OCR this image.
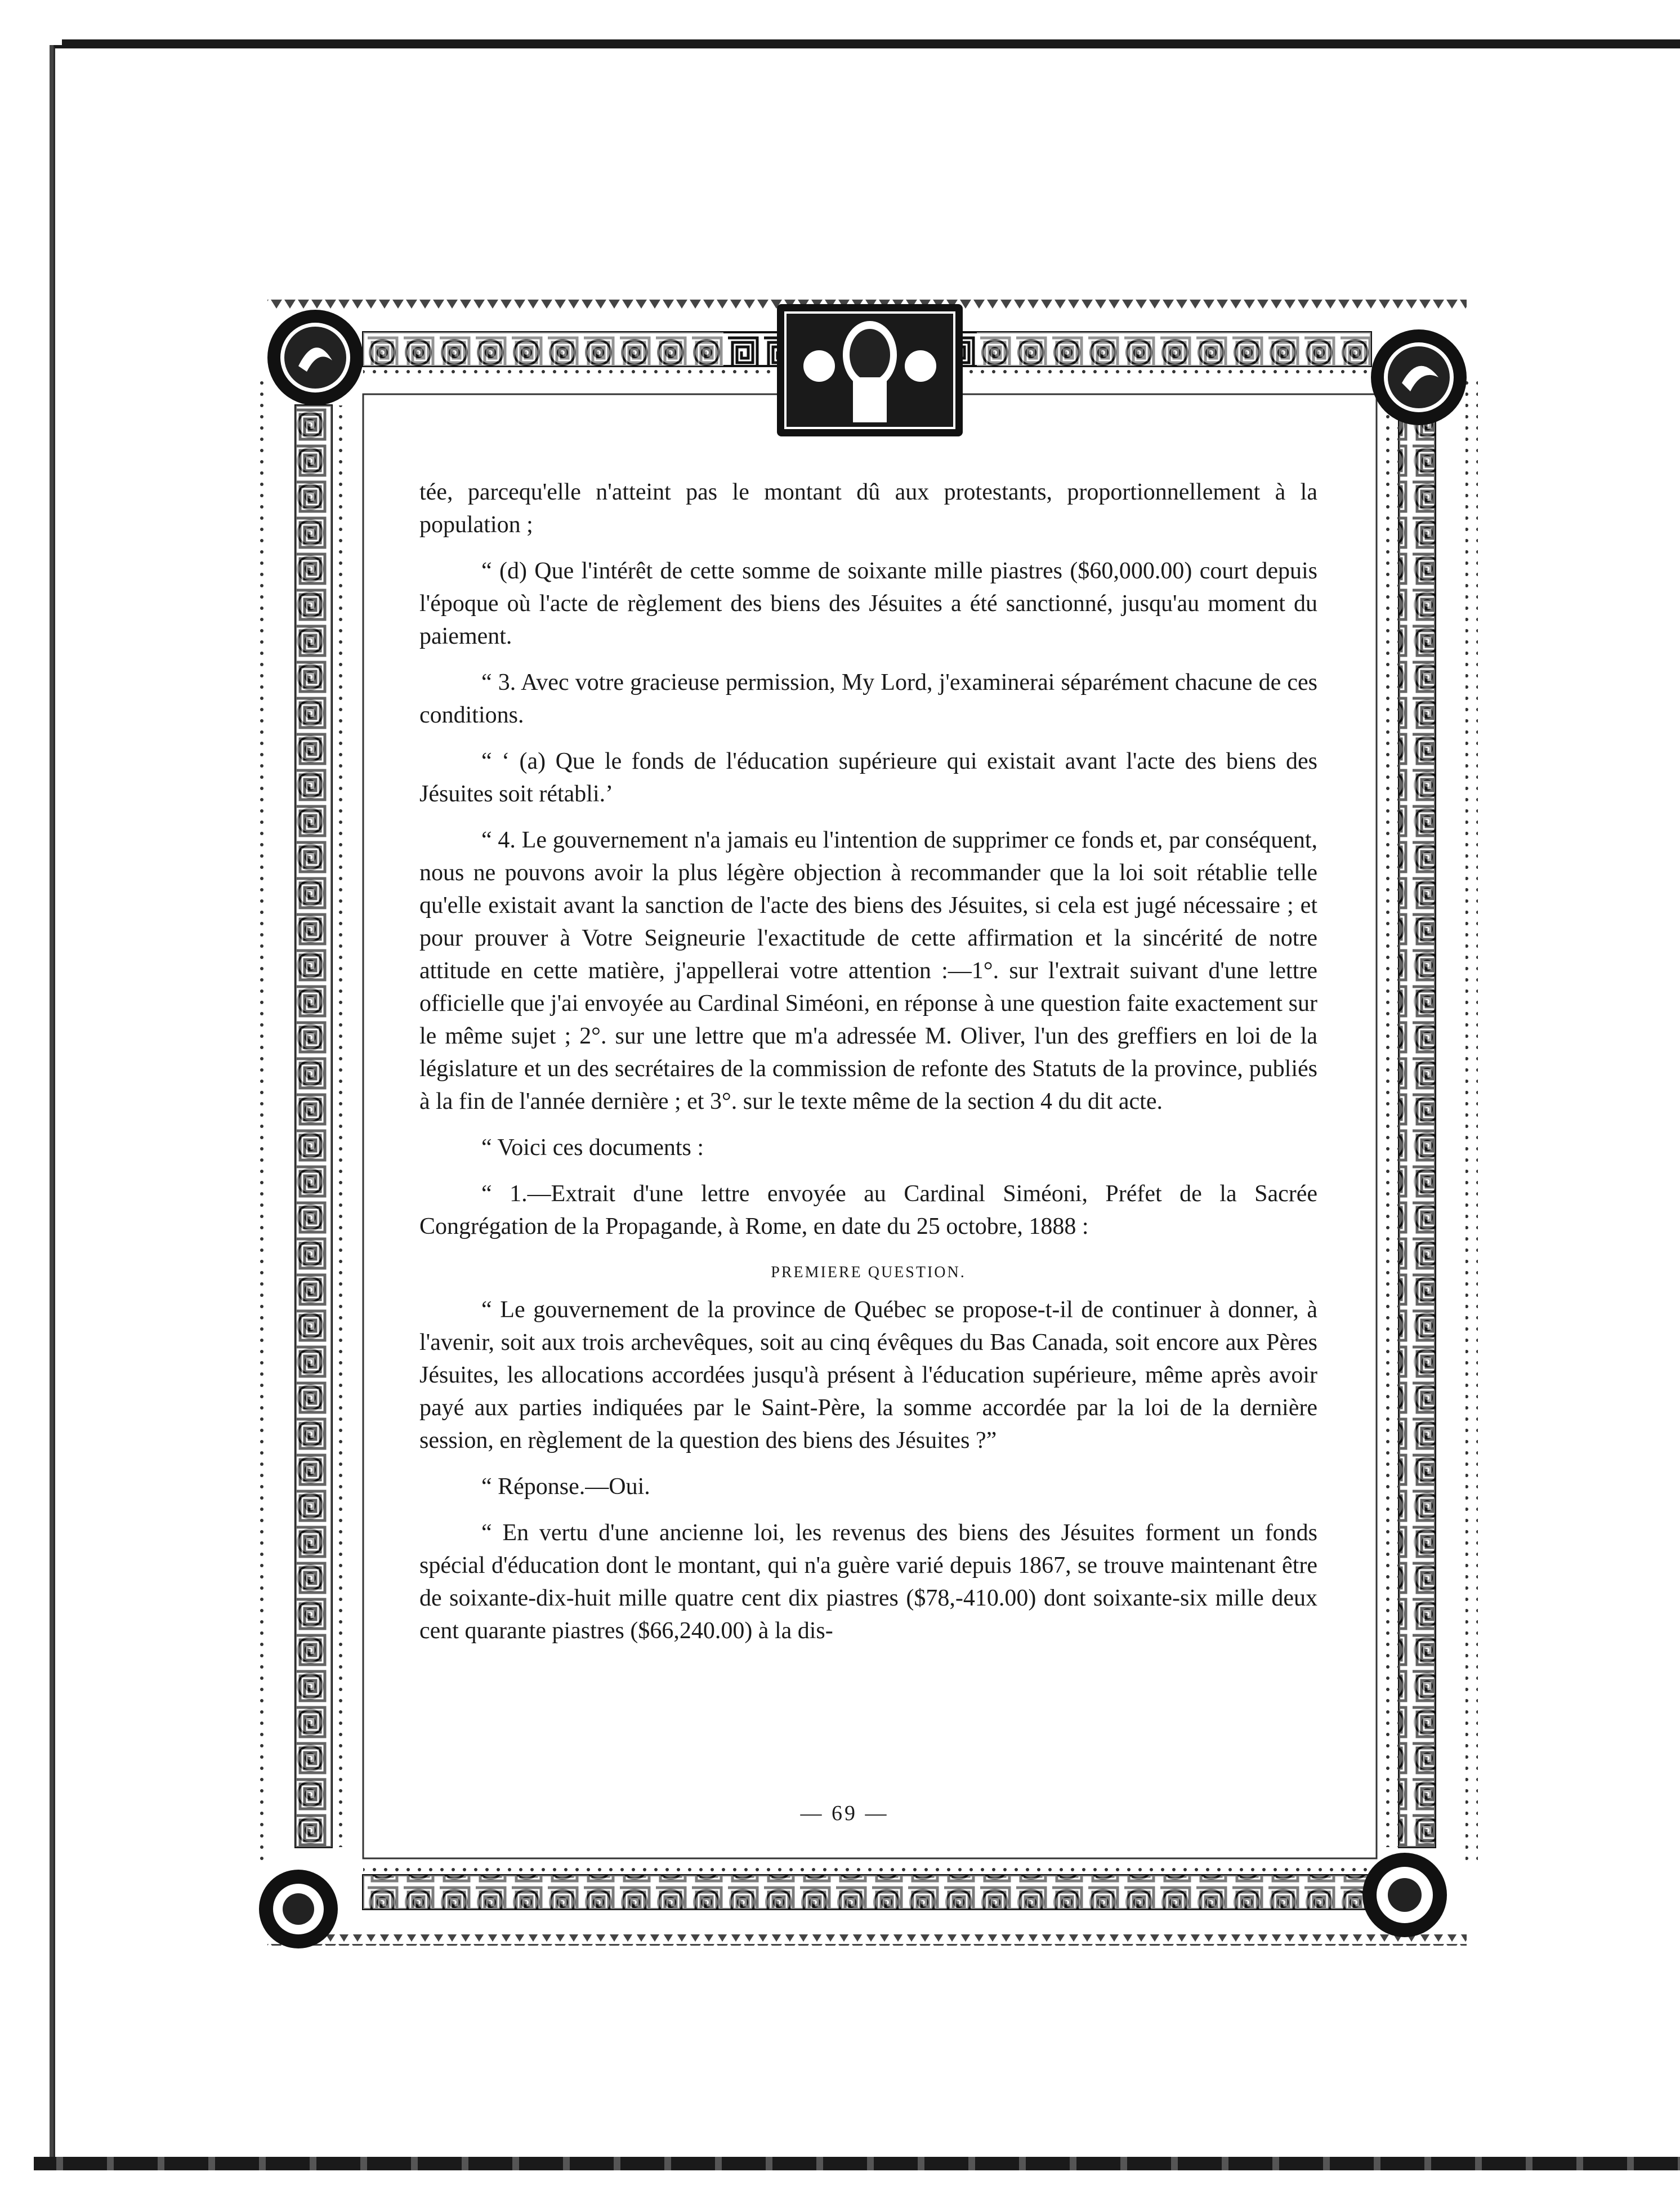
tée, parcequ'elle n'atteint pas le montant dû aux protestants, proportionnellement à la population ;

“ (d) Que l'intérêt de cette somme de soixante mille piastres ($60,000.00) court depuis l'époque où l'acte de règlement des biens des Jésuites a été sanctionné, jusqu'au moment du paiement.

“ 3. Avec votre gracieuse permission, My Lord, j'examinerai séparément chacune de ces conditions.

“ ‘ (a) Que le fonds de l'éducation supérieure qui existait avant l'acte des biens des Jésuites soit rétabli.’

“ 4. Le gouvernement n'a jamais eu l'intention de supprimer ce fonds et, par conséquent, nous ne pouvons avoir la plus légère objection à recommander que la loi soit rétablie telle qu'elle existait avant la sanction de l'acte des biens des Jésuites, si cela est jugé nécessaire ; et pour prouver à Votre Seigneurie l'exactitude de cette affirmation et la sincérité de notre attitude en cette matière, j'appellerai votre attention :—1°. sur l'extrait suivant d'une lettre officielle que j'ai envoyée au Cardinal Siméoni, en réponse à une question faite exactement sur le même sujet ; 2°. sur une lettre que m'a adressée M. Oliver, l'un des greffiers en loi de la législature et un des secrétaires de la commission de refonte des Statuts de la province, publiés à la fin de l'année dernière ; et 3°. sur le texte même de la section 4 du dit acte.

“ Voici ces documents :

“ 1.—Extrait d'une lettre envoyée au Cardinal Siméoni, Préfet de la Sacrée Congrégation de la Propagande, à Rome, en date du 25 octobre, 1888 :

PREMIERE QUESTION.

“ Le gouvernement de la province de Québec se propose-t-il de continuer à donner, à l'avenir, soit aux trois archevêques, soit au cinq évêques du Bas Canada, soit encore aux Pères Jésuites, les allocations accordées jusqu'à présent à l'éducation supérieure, même après avoir payé aux parties indiquées par le Saint-Père, la somme accordée par la loi de la dernière session, en règlement de la question des biens des Jésuites ?”

“ Réponse.—Oui.

“ En vertu d'une ancienne loi, les revenus des biens des Jésuites forment un fonds spécial d'éducation dont le montant, qui n'a guère varié depuis 1867, se trouve maintenant être de soixante-dix-huit mille quatre cent dix piastres ($78,-410.00) dont soixante-six mille deux cent quarante piastres ($66,240.00) à la dis-

— 69 —
